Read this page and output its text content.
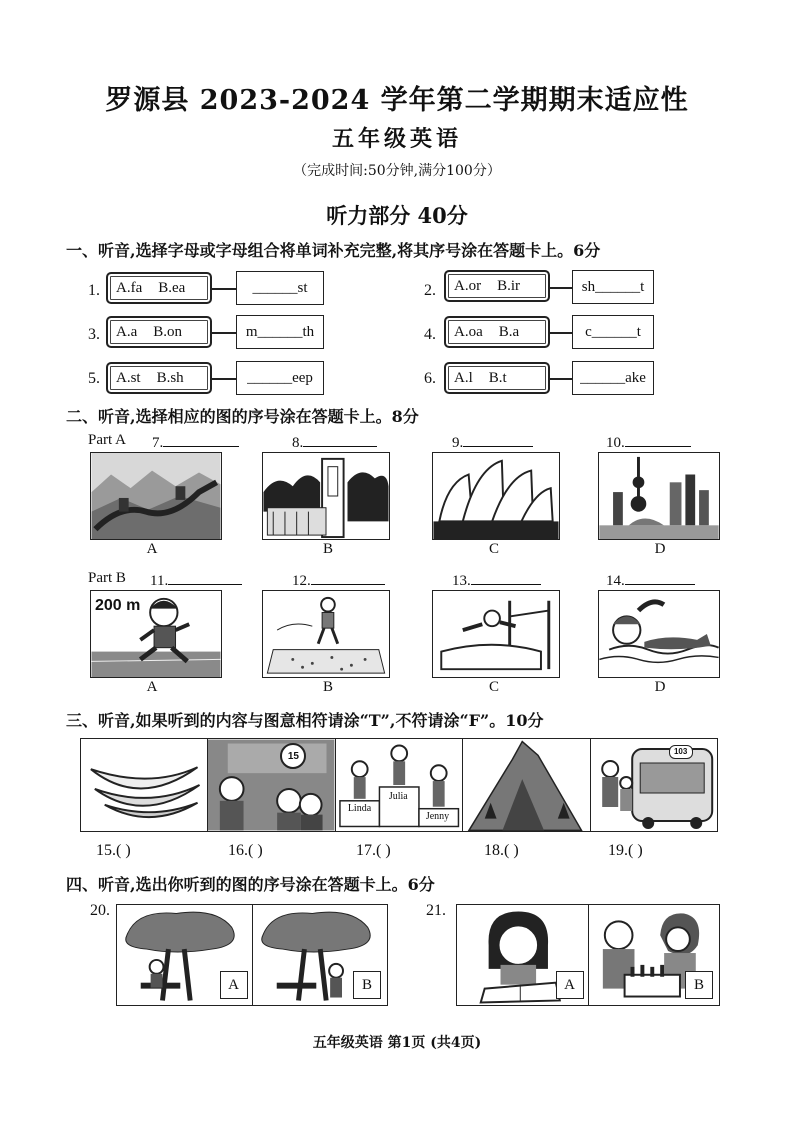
罗源县 2023-2024 学年第二学期期末适应性
五年级英语
（完成时间:50分钟,满分100分）
听力部分 40分
一、听音,选择字母或字母组合将单词补充完整,将其序号涂在答题卡上。6分
1. A.fa B.ea	______st
3. A.a B.on	m______th
5. A.st B.sh	______eep
2. A.or B.ir	sh______t
4. A.oa B.a	c______t
6. A.l B.t	______ake
二、听音,选择相应的图的序号涂在答题卡上。8分
Part A 7.	8.	9.	10.
A	B	C	D
Part B 11.	12.	13.	14.
200 m
A	B	C	D
三、听音,如果听到的内容与图意相符请涂“T”,不符请涂“F”。10分
15
Linda
Julia
Jenny
103
15.( )	16.( )	17.( )	18.( )	19.( )
四、听音,选出你听到的图的序号涂在答题卡上。6分
20.
A	B
21.
A	B
五年级英语 第1页 (共4页)
